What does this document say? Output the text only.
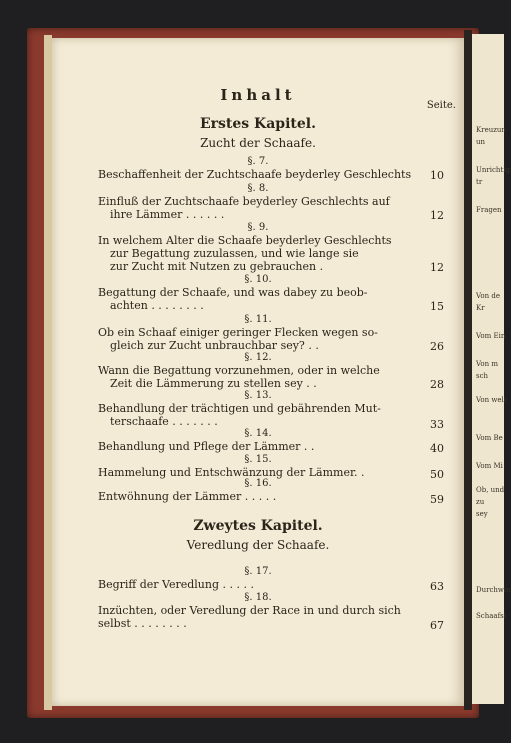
Kreuzun
un
Unrichtig
tr
Fragen
Von de
Kr
Vom Ein
Von m
sch
Von welc
Vom Be
Vom Mi
Ob, und
zu
sey
Durchwin
Schaafst
Inhalt
Seite.
Erstes Kapitel.
Zucht der Schaafe.
§. 7.
Beschaffenheit der Zuchtschaafe beyderley Geschlechts 10
§. 8.
Einfluß der Zuchtschaafe beyderley Geschlechts auf
ihre Lämmer . . . . . .	12
§. 9.
In welchem Alter die Schaafe beyderley Geschlechts
zur Begattung zuzulassen, und wie lange sie
zur Zucht mit Nutzen zu gebrauchen .	12
§. 10.
Begattung der Schaafe, und was dabey zu beob-
achten . . . . . . . .	15
§. 11.
Ob ein Schaaf einiger geringer Flecken wegen so-
gleich zur Zucht unbrauchbar sey? . .	26
§. 12.
Wann die Begattung vorzunehmen, oder in welche
Zeit die Lämmerung zu stellen sey . .	28
§. 13.
Behandlung der trächtigen und gebährenden Mut-
terschaafe . . . . . . .	33
§. 14.
Behandlung und Pflege der Lämmer . .	40
§. 15.
Hammelung und Entschwänzung der Lämmer. .	50
§. 16.
Entwöhnung der Lämmer . . . . .	59
Zweytes Kapitel.
Veredlung der Schaafe.
§. 17.
Begriff der Veredlung . . . . .	63
§. 18.
Inzüchten, oder Veredlung der Race in und durch sich
selbst . . . . . . . .	67
